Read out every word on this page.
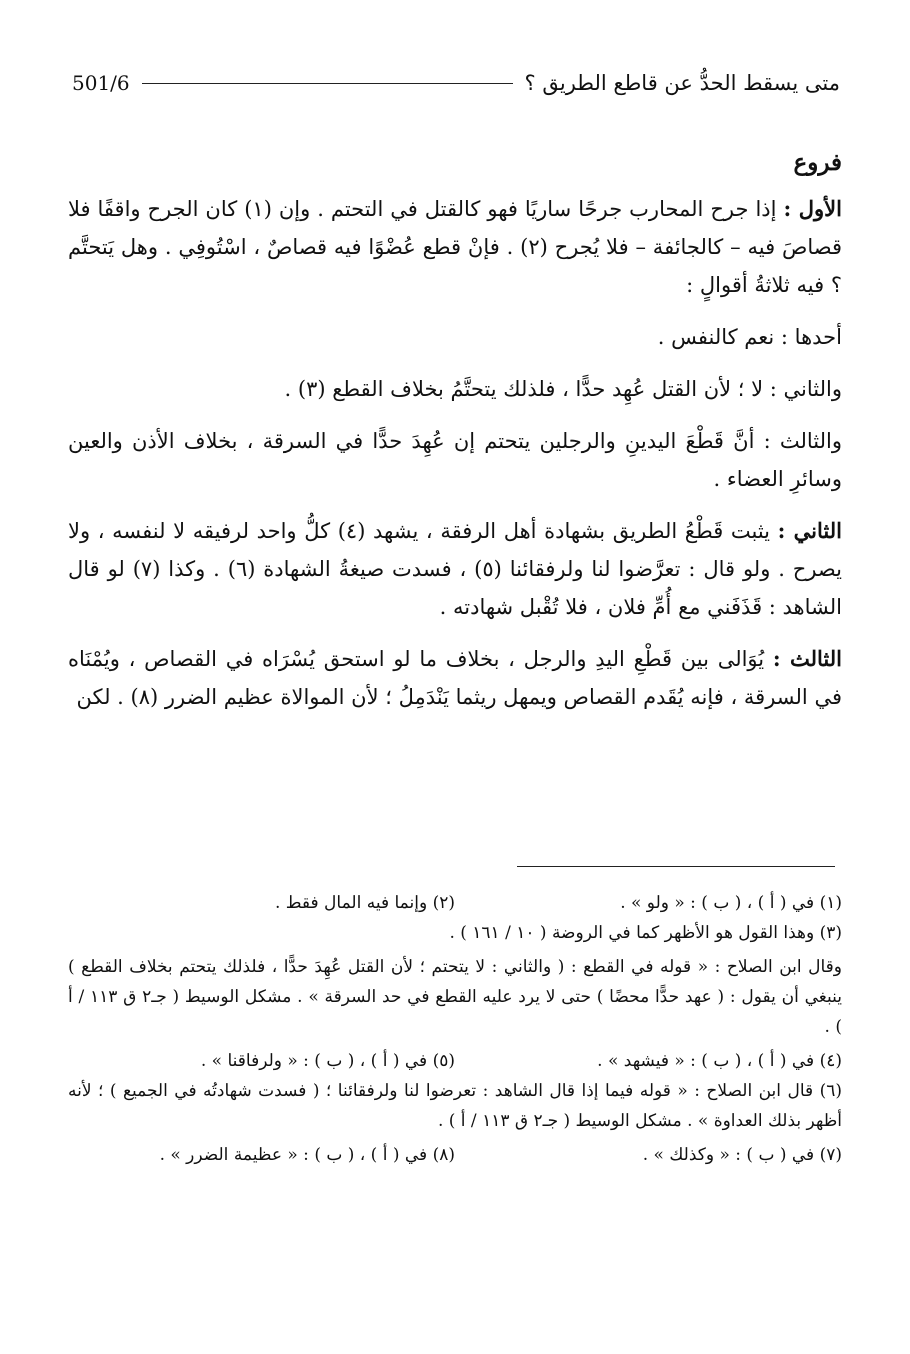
501/6	متى يسقط الحدُّ عن قاطع الطريق ؟

فروع

الأول : إذا جرح المحارب جرحًا ساريًا فهو كالقتل في التحتم . وإن (١) كان الجرح واقفًا فلا قصاصَ فيه – كالجائفة – فلا يُجرح (٢) . فإنْ قطع عُضْوًا فيه قصاصٌ ، اسْتُوفِي . وهل يَتحتَّم ؟ فيه ثلاثةُ أقوالٍ :

أحدها : نعم كالنفس .

والثاني : لا ؛ لأن القتل عُهِد حدًّا ، فلذلك يتحتَّمُ بخلاف القطع (٣) .

والثالث : أنَّ قَطْعَ اليدينِ والرجلين يتحتم إن عُهِدَ حدًّا في السرقة ، بخلاف الأذن والعين وسائرِ العضاء .

الثاني : يثبت قَطْعُ الطريق بشهادة أهل الرفقة ، يشهد (٤) كلُّ واحد لرفيقه لا لنفسه ، ولا يصرح . ولو قال : تعرَّضوا لنا ولرفقائنا (٥) ، فسدت صيغةُ الشهادة (٦) . وكذا (٧) لو قال الشاهد : قَذَفَني مع أُمِّ فلان ، فلا تُقْبل شهادته .

الثالث : يُوَالى بين قَطْعِ اليدِ والرجل ، بخلاف ما لو استحق يُسْرَاه في القصاص ، ويُمْنَاه في السرقة ، فإنه يُقَدم القصاص ويمهل ريثما يَنْدَمِلُ ؛ لأن الموالاة عظيم الضرر (٨) . لكن

(١) في ( أ ) ، ( ب ) : « ولو » .
(٢) وإنما فيه المال فقط .

(٣) وهذا القول هو الأظهر كما في الروضة ( ١٠ / ١٦١ ) .

وقال ابن الصلاح : « قوله في القطع : ( والثاني : لا يتحتم ؛ لأن القتل عُهِدَ حدًّا ، فلذلك يتحتم بخلاف القطع ) ينبغي أن يقول : ( عهد حدًّا محضًا ) حتى لا يرد عليه القطع في حد السرقة » . مشكل الوسيط ( جـ٢ ق ١١٣ / أ ) .

(٤) في ( أ ) ، ( ب ) : « فيشهد » .
(٥) في ( أ ) ، ( ب ) : « ولرفاقنا » .

(٦) قال ابن الصلاح : « قوله فيما إذا قال الشاهد : تعرضوا لنا ولرفقائنا ؛ ( فسدت شهادتُه في الجميع ) ؛ لأنه أظهر بذلك العداوة » . مشكل الوسيط ( جـ٢ ق ١١٣ / أ ) .

(٧) في ( ب ) : « وكذلك » .
(٨) في ( أ ) ، ( ب ) : « عظيمة الضرر » .
